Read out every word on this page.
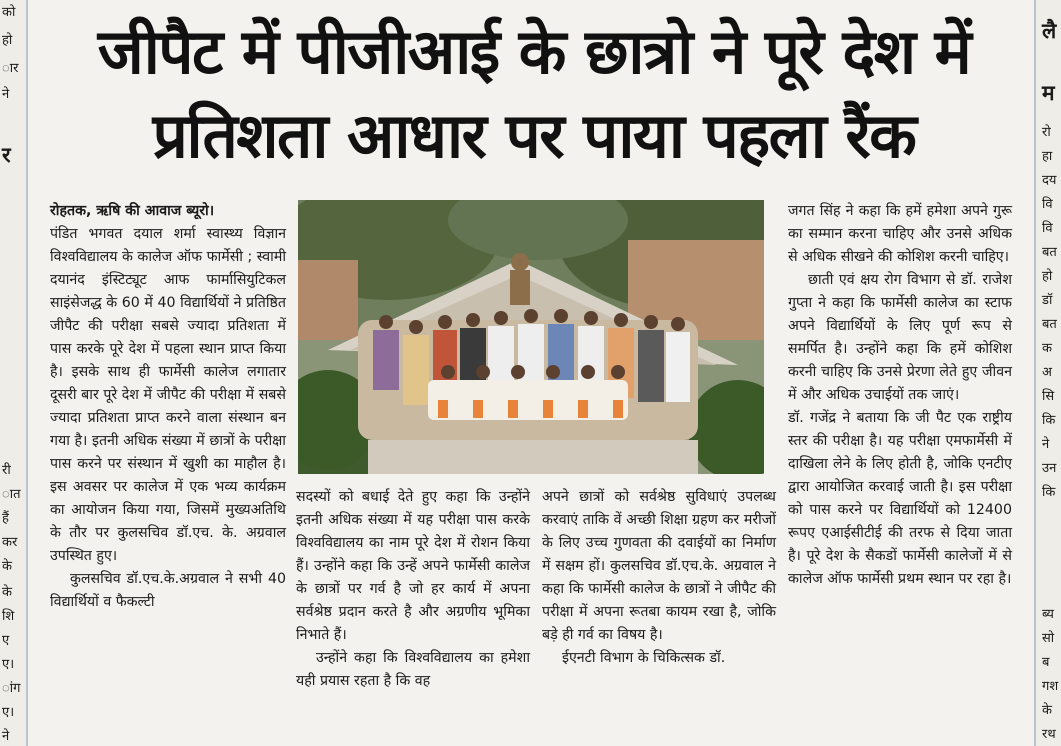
को
हो
ार
ने
र
री
ात
हैं
कर
के
के
शि
ए
ए।
ांग
ए।
ने
लै
म
रो
हा
दय
वि
वि
बत
हो
डॉ
बत
क
अ
सि
कि
ने
उन
कि
ब्य
सो
ब
गश
के
रथ
जीपैट में पीजीआई के छात्रो ने पूरे देश में
प्रतिशता आधार पर पाया पहला रैंक

रोहतक, ऋषि की आवाज ब्यूरो।

पंडित भगवत दयाल शर्मा स्वास्थ्य विज्ञान विश्वविद्यालय के कालेज ऑफ फार्मेसी ; स्वामी दयानंद इंस्टिट्यूट आफ फार्मासियुटिकल साइंसेजद्ध के 60 में 40 विद्यार्थियों ने प्रतिष्ठित जीपैट की परीक्षा सबसे ज्यादा प्रतिशता में पास करके पूरे देश में पहला स्थान प्राप्त किया है। इसके साथ ही फार्मेसी कालेज लगातार दूसरी बार पूरे देश में जीपैट की परीक्षा में सबसे ज्यादा प्रतिशता प्राप्त करने वाला संस्थान बन गया है। इतनी अधिक संख्या में छात्रों के परीक्षा पास करने पर संस्थान में खुशी का माहौल है। इस अवसर पर कालेज में एक भव्य कार्यक्रम का आयोजन किया गया, जिसमें मुख्यअतिथि के तौर पर कुलसचिव डॉ.एच. के. अग्रवाल उपस्थित हुए।

कुलसचिव डॉ.एच.के.अग्रवाल ने सभी 40 विद्यार्थियों व फैकल्टी

सदस्यों को बधाई देते हुए कहा कि उन्होंने इतनी अधिक संख्या में यह परीक्षा पास करके विश्वविद्यालय का नाम पूरे देश में रोशन किया हैं। उन्होंने कहा कि उन्हें अपने फार्मेसी कालेज के छात्रों पर गर्व है जो हर कार्य में अपना सर्वश्रेष्ठ प्रदान करते है और अग्रणीय भूमिका निभाते हैं।

उन्होंने कहा कि विश्वविद्यालय का हमेशा यही प्रयास रहता है कि वह

अपने छात्रों को सर्वश्रेष्ठ सुविधाएं उपलब्ध करवाएं ताकि वें अच्छी शिक्षा ग्रहण कर मरीजों के लिए उच्च गुणवता की दवाईयों का निर्माण में सक्षम हों। कुलसचिव डॉ.एच.के. अग्रवाल ने कहा कि फार्मेसी कालेज के छात्रों ने जीपैट की परीक्षा में अपना रूतबा कायम रखा है, जोकि बड़े ही गर्व का विषय है।

ईएनटी विभाग के चिकित्सक डॉ.

जगत सिंह ने कहा कि हमें हमेशा अपने गुरू का सम्मान करना चाहिए और उनसे अधिक से अधिक सीखने की कोशिश करनी चाहिए।

छाती एवं क्षय रोग विभाग से डॉ. राजेश गुप्ता ने कहा कि फार्मेसी कालेज का स्टाफ अपने विद्यार्थियों के लिए पूर्ण रूप से समर्पित है। उन्होंने कहा कि हमें कोशिश करनी चाहिए कि उनसे प्रेरणा लेते हुए जीवन में और अधिक उचाईयों तक जाएं।

डॉ. गजेंद्र ने बताया कि जी पैट एक राष्ट्रीय स्तर की परीक्षा है। यह परीक्षा एमफार्मेसी में दाखिला लेने के लिए होती है, जोकि एनटीए द्वारा आयोजित करवाई जाती है। इस परीक्षा को पास करने पर विद्यार्थियों को 12400 रूपए एआईसीटीई की तरफ से दिया जाता है। पूरे देश के सैकडों फार्मेसी कालेजों में से कालेज ऑफ फार्मेसी प्रथम स्थान पर रहा है।
